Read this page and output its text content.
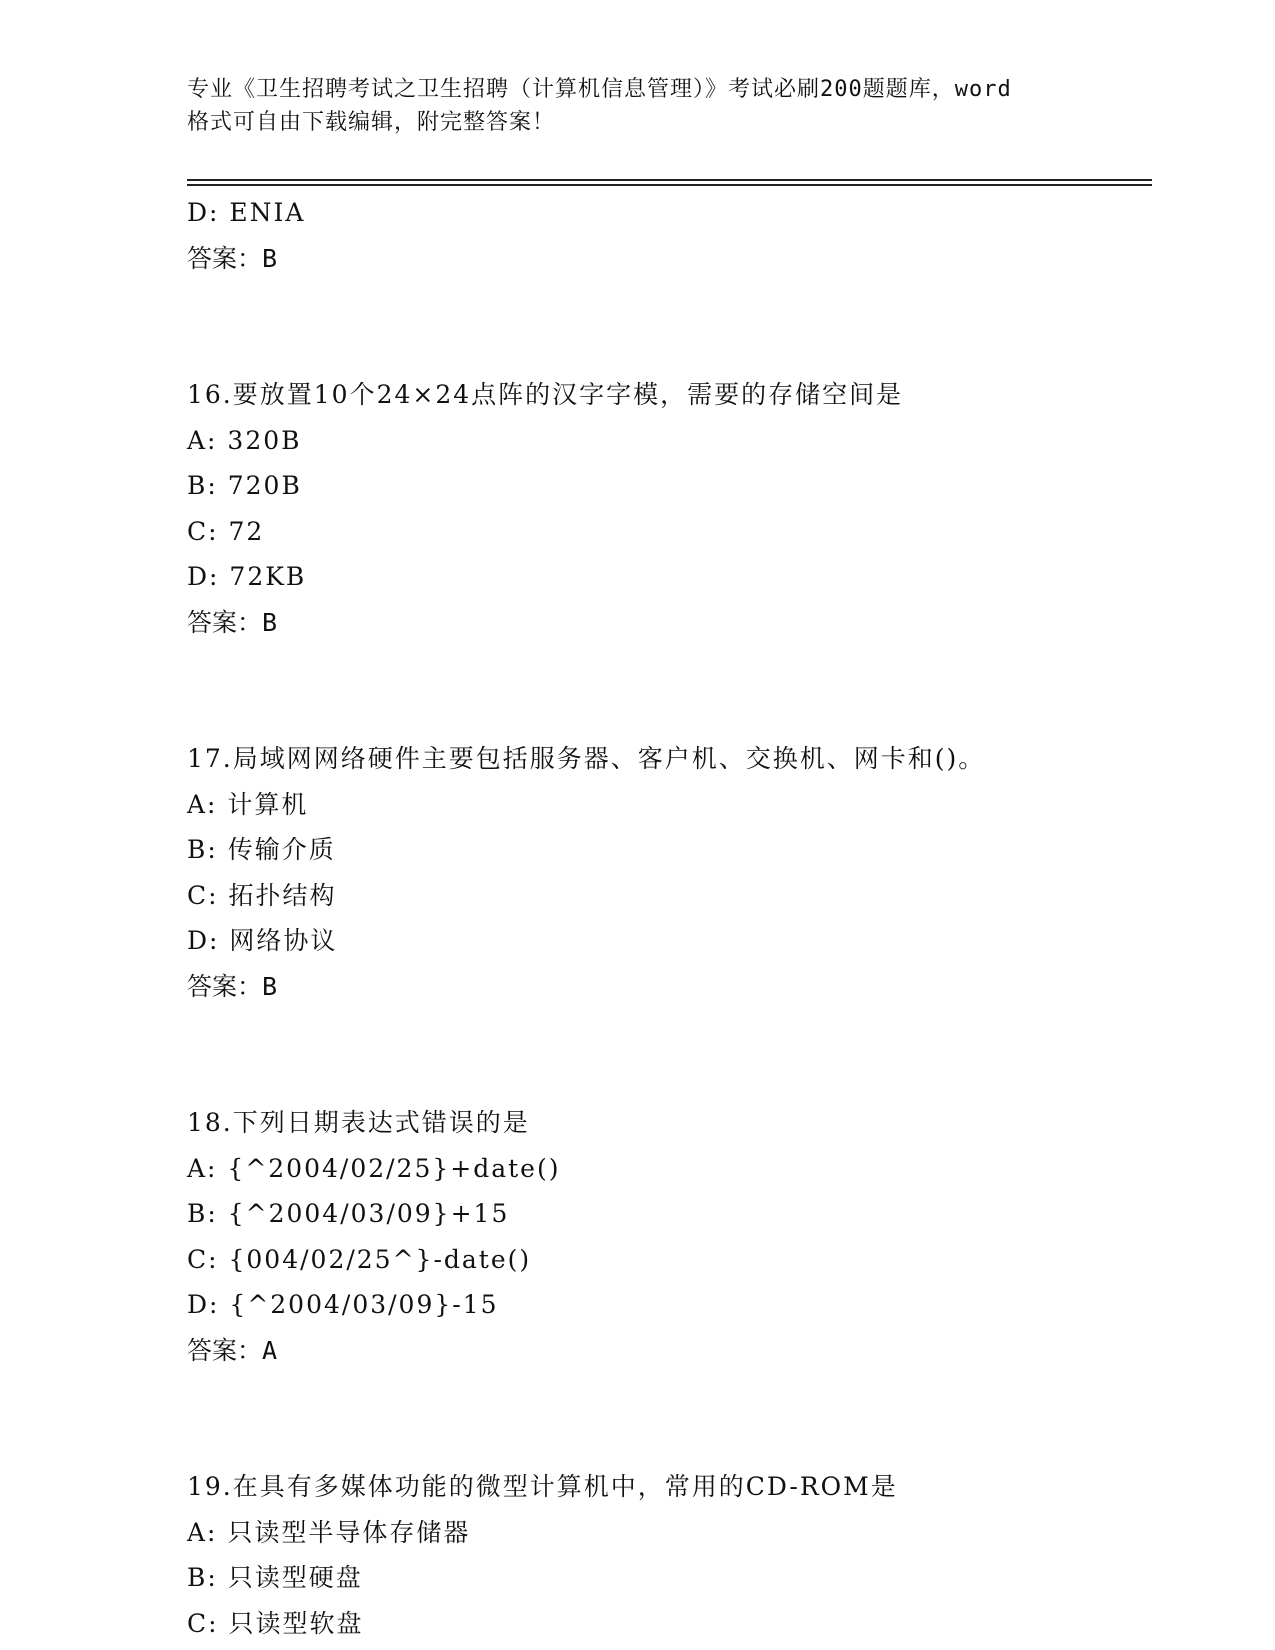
专业《卫生招聘考试之卫生招聘（计算机信息管理）》考试必刷200题题库，word
格式可自由下载编辑，附完整答案！
D: ENIA
答案：B
16.要放置10个24×24点阵的汉字字模，需要的存储空间是
A: 320B
B: 720B
C: 72
D: 72KB
答案：B
17.局域网网络硬件主要包括服务器、客户机、交换机、网卡和()。
A: 计算机
B: 传输介质
C: 拓扑结构
D: 网络协议
答案：B
18.下列日期表达式错误的是
A: {^2004/02/25}+date()
B: {^2004/03/09}+15
C: {004/02/25^}-date()
D: {^2004/03/09}-15
答案：A
19.在具有多媒体功能的微型计算机中，常用的CD-ROM是
A: 只读型半导体存储器
B: 只读型硬盘
C: 只读型软盘
